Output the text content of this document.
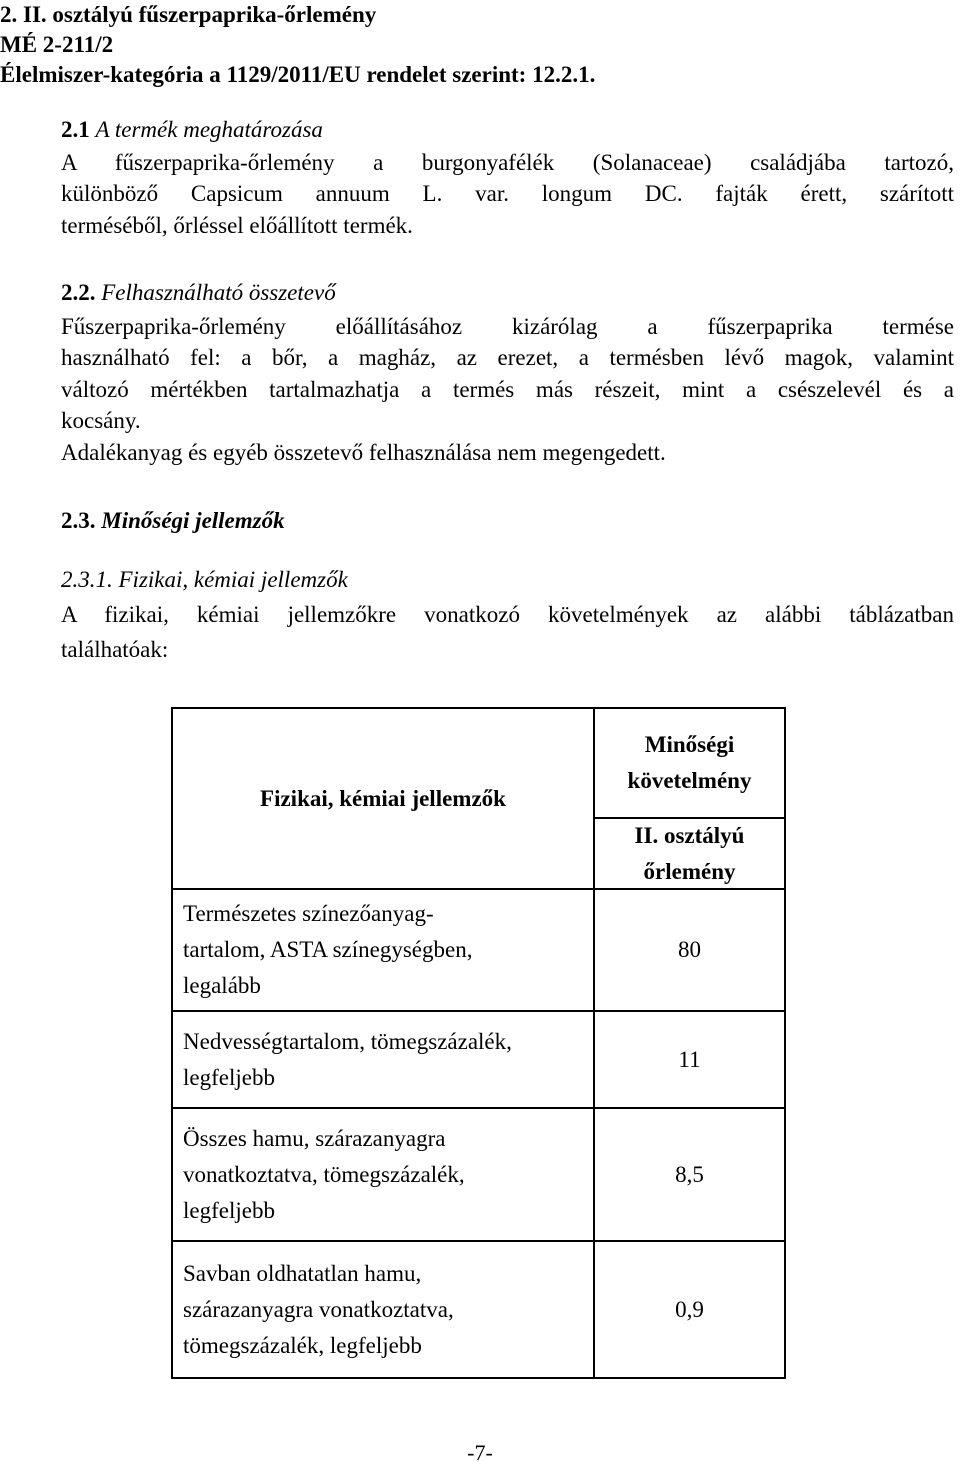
2. II. osztályú fűszerpaprika-őrlemény
MÉ 2-211/2
Élelmiszer-kategória a 1129/2011/EU rendelet szerint: 12.2.1.
2.1 A termék meghatározása
A fűszerpaprika-őrlemény a burgonyafélék (Solanaceae) családjába tartozó,
különböző Capsicum annuum L. var. longum DC. fajták érett, szárított
terméséből, őrléssel előállított termék.
2.2. Felhasználható összetevő
Fűszerpaprika-őrlemény előállításához kizárólag a fűszerpaprika termése
használható fel: a bőr, a magház, az erezet, a termésben lévő magok, valamint
változó mértékben tartalmazhatja a termés más részeit, mint a csészelevél és a
kocsány.
Adalékanyag és egyéb összetevő felhasználása nem megengedett.
2.3. Minőségi jellemzők
2.3.1. Fizikai, kémiai jellemzők
A fizikai, kémiai jellemzőkre vonatkozó követelmények az alábbi táblázatban
találhatóak:
Fizikai, kémiai jellemzők
Minőségi
követelmény
II. osztályú
őrlemény
Természetes színezőanyag-
tartalom, ASTA színegységben,
legalább
80
Nedvességtartalom, tömegszázalék,
legfeljebb
11
Összes hamu, szárazanyagra
vonatkoztatva, tömegszázalék,
legfeljebb
8,5
Savban oldhatatlan hamu,
szárazanyagra vonatkoztatva,
tömegszázalék, legfeljebb
0,9
-7-
